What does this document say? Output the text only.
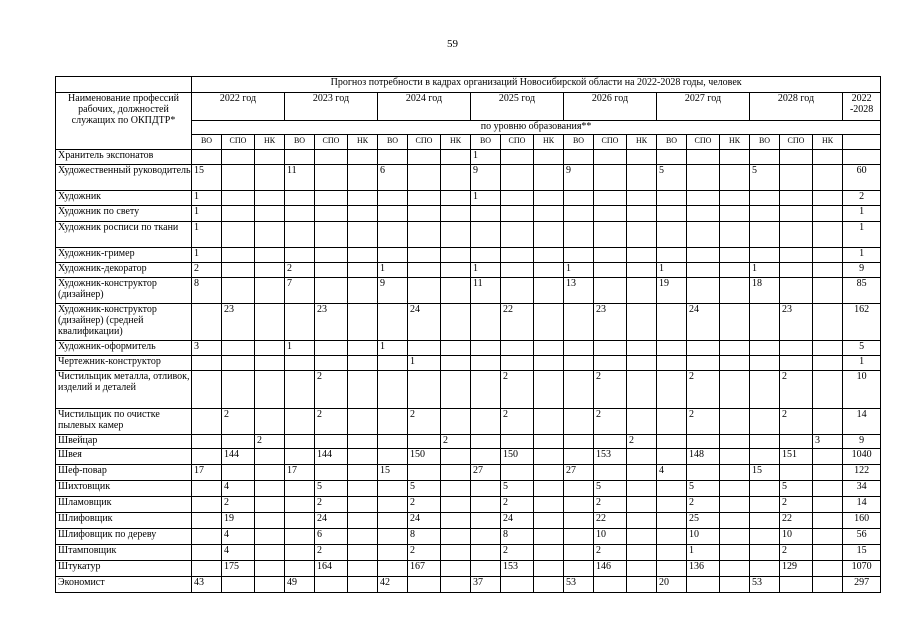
59
	Прогноз потребности в кадрах организаций Новосибирской области на 2022-2028 годы, человек																						
Наименование профессий рабочих, должностей служащих по ОКПДТР*	2022 год			2023 год			2024 год			2025 год			2026 год			2027 год			2028 год			2022 -2028	
	по уровню образования**																						
	ВО	СПО	НК	ВО	СПО	НК	ВО	СПО	НК	ВО	СПО	НК	ВО	СПО	НК	ВО	СПО	НК	ВО	СПО	НК		
Хранитель экспонатов										1													
Художественный руководитель	15			11			6			9			9			5			5			60	
Художник	1									1												2	
Художник по свету	1																					1	
Художник росписи по ткани	1																					1	
Художник-гример	1																					1	
Художник-декоратор	2			2			1			1			1			1			1			9	
Художник-конструктор (дизайнер)	8			7			9			11			13			19			18			85	
Художник-конструктор (дизайнер) (средней квалификации)		23			23			24			22			23			24			23		162	
Художник-оформитель	3			1			1															5	
Чертежник-конструктор								1														1	
Чистильщик металла, отливок, изделий и деталей					2						2			2			2			2		10	
Чистильщик по очистке пылевых камер		2			2			2			2			2			2			2		14	
Швейцар			2						2						2						3	9	
Швея		144			144			150			150			153			148			151		1040	
Шеф-повар	17			17			15			27			27			4			15			122	
Шихтовщик		4			5			5			5			5			5			5		34	
Шламовщик		2			2			2			2			2			2			2		14	
Шлифовщик		19			24			24			24			22			25			22		160	
Шлифовщик по дереву		4			6			8			8			10			10			10		56	
Штамповщик		4			2			2			2			2			1			2		15	
Штукатур		175			164			167			153			146			136			129		1070	
Экономист	43			49			42			37			53			20			53			297	
